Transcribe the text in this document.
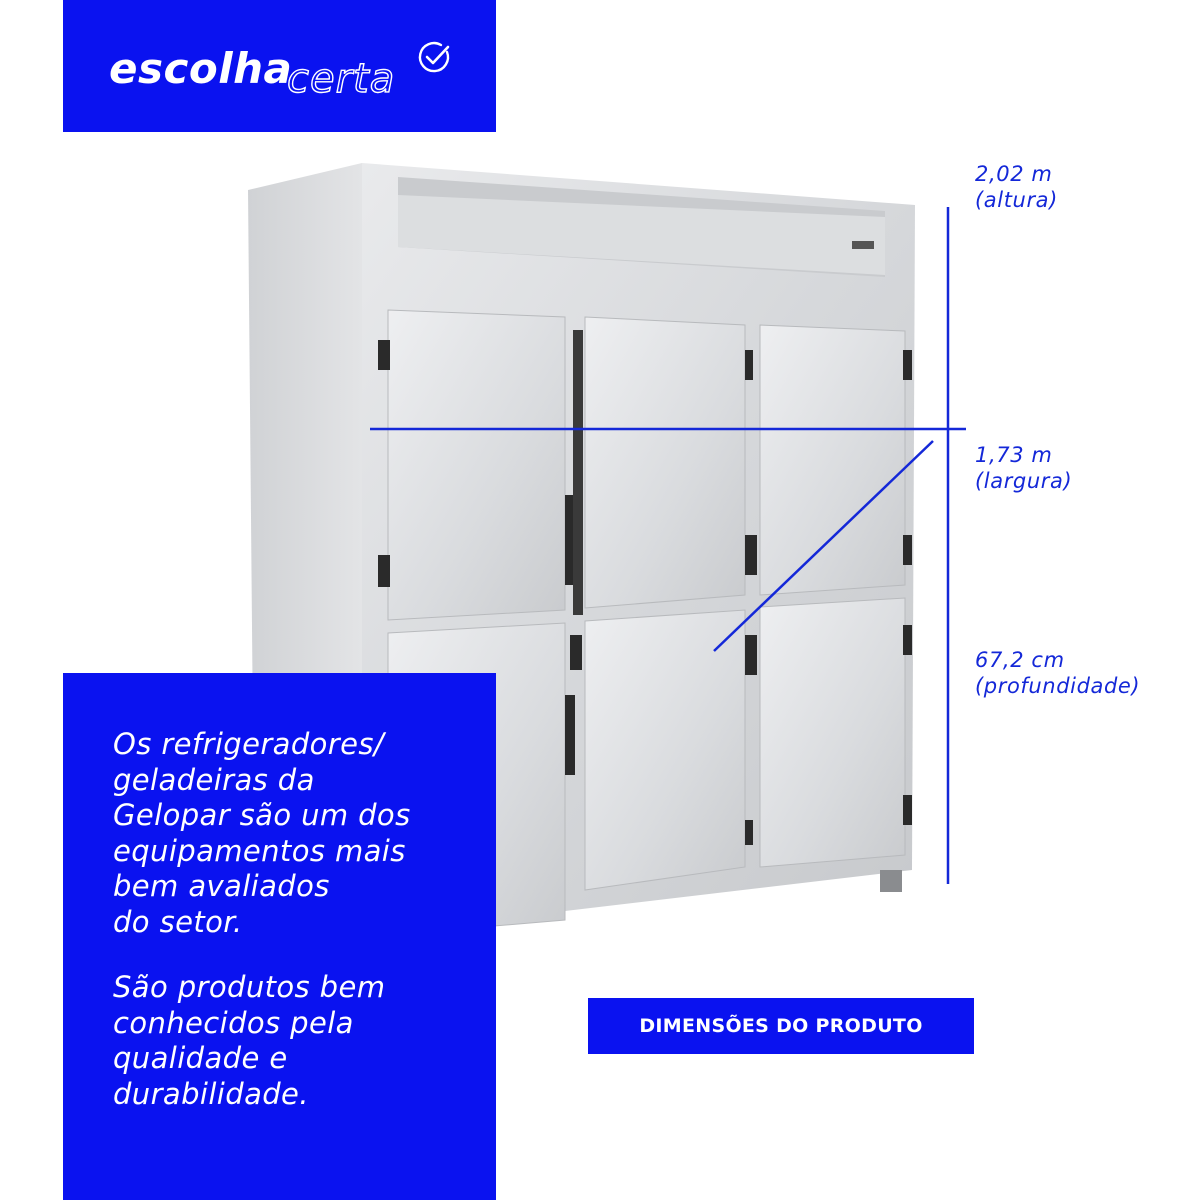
escolha
certa
2,02 m
(altura)
1,73 m
(largura)
67,2 cm
(profundidade)
DIMENSÕES DO PRODUTO

Os refrigeradores/
geladeiras da
Gelopar são um dos
equipamentos mais
bem avaliados
do setor.

São produtos bem
conhecidos pela
qualidade e
durabilidade.
